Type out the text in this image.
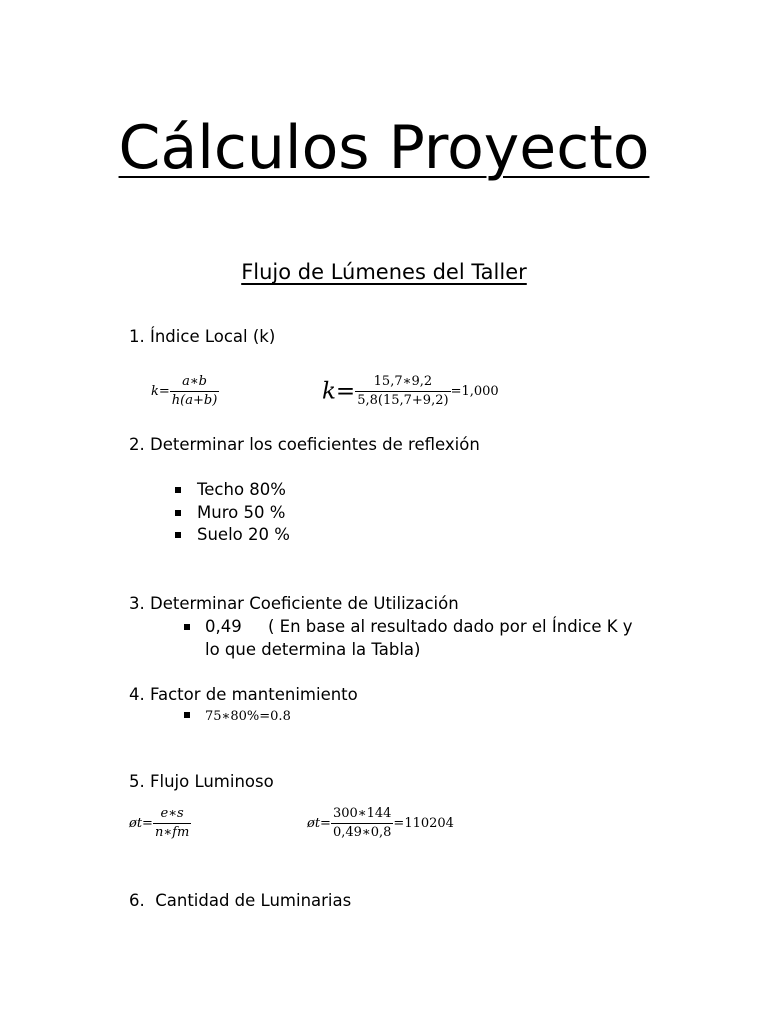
Cálculos Proyecto
Flujo de Lúmenes del Taller
1. Índice Local (k)
$k= \frac{a∗b}{h(a+b)}$	$k= \frac{15,7∗9,2}{5,8(15,7+9,2)} =1,000$
2. Determinar los coeficientes de reflexión
Techo 80%
Muro 50 %
Suelo 20 %
3. Determinar Coeficiente de Utilización
0,49     ( En base al resultado dado por el Índice K y
lo que determina la Tabla)
4. Factor de mantenimiento
75∗80%=0.8
5. Flujo Luminoso
øt= $\frac{e∗s}{n∗fm}$	øt= $\frac{300∗144}{0,49∗0,8} =110204$
6.  Cantidad de Luminarias
